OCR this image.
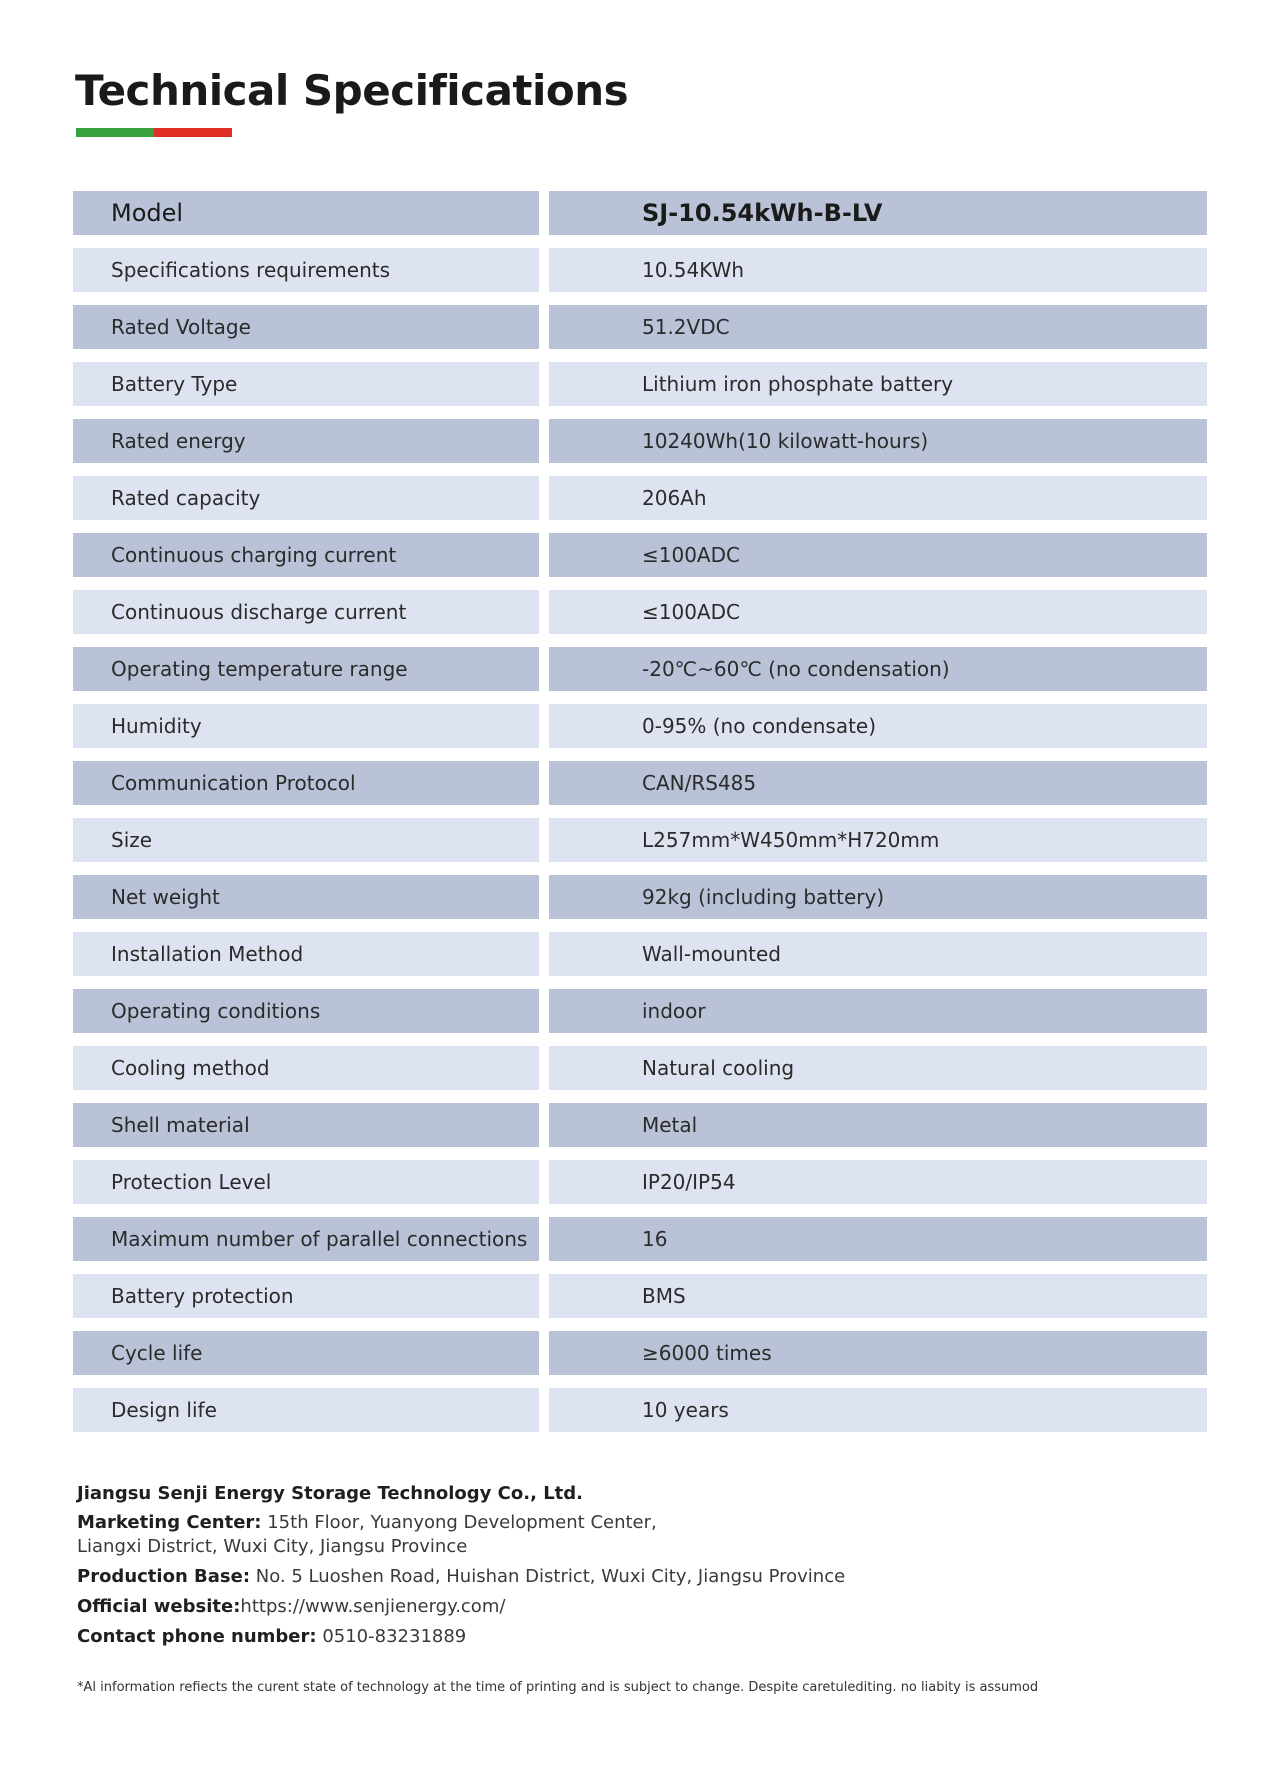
Technical Specifications
Model	SJ-10.54kWh-B-LV
Specifications requirements	10.54KWh
Rated Voltage	51.2VDC
Battery Type	Lithium iron phosphate battery
Rated energy	10240Wh(10 kilowatt-hours)
Rated capacity	206Ah
Continuous charging current	≤100ADC
Continuous discharge current	≤100ADC
Operating temperature range	-20℃~60℃ (no condensation)
Humidity	0-95% (no condensate)
Communication Protocol	CAN/RS485
Size	L257mm*W450mm*H720mm
Net weight	92kg (including battery)
Installation Method	Wall-mounted
Operating conditions	indoor
Cooling method	Natural cooling
Shell material	Metal
Protection Level	IP20/IP54
Maximum number of parallel connections	16
Battery protection	BMS
Cycle life	≥6000 times
Design life	10 years
Jiangsu Senji Energy Storage Technology Co., Ltd.
Marketing Center: 15th Floor, Yuanyong Development Center,
Liangxi District, Wuxi City, Jiangsu Province
Production Base: No. 5 Luoshen Road, Huishan District, Wuxi City, Jiangsu Province
Official website:https://www.senjienergy.com/
Contact phone number: 0510-83231889
*Al information refiects the curent state of technology at the time of printing and is subject to change. Despite caretulediting. no liabity is assumod
